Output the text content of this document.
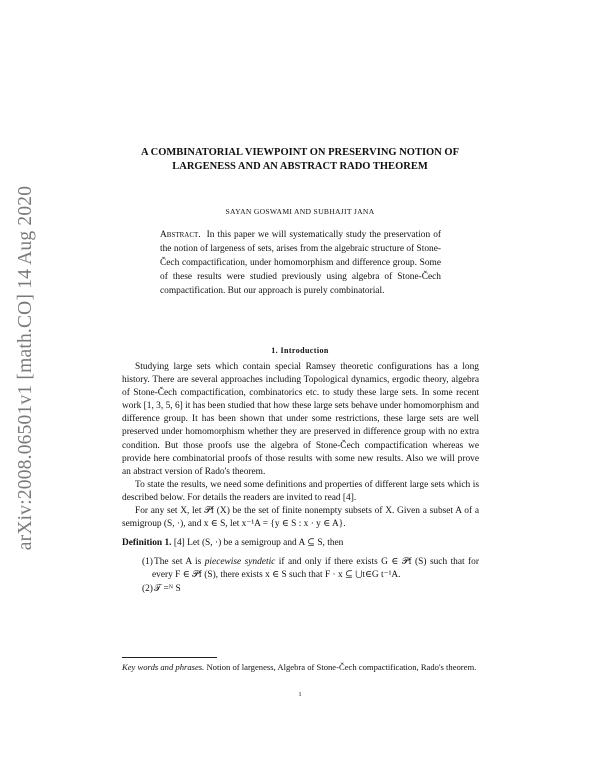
arXiv:2008.06501v1 [math.CO] 14 Aug 2020
A COMBINATORIAL VIEWPOINT ON PRESERVING NOTION OF LARGENESS AND AN ABSTRACT RADO THEOREM
SAYAN GOSWAMI AND SUBHAJIT JANA

Abstract. In this paper we will systematically study the preservation of the notion of largeness of sets, arises from the algebraic structure of Stone-Čech compactification, under homomorphism and difference group. Some of these results were studied previously using algebra of Stone-Čech compactification. But our approach is purely combinatorial.

1. Introduction

Studying large sets which contain special Ramsey theoretic configurations has a long history. There are several approaches including Topological dynamics, ergodic theory, algebra of Stone-Čech compactification, combinatorics etc. to study these large sets. In some recent work [1, 3, 5, 6] it has been studied that how these large sets behave under homomorphism and difference group. It has been shown that under some restrictions, these large sets are well preserved under homomorphism whether they are preserved in difference group with no extra condition. But those proofs use the algebra of Stone-Čech compactification whereas we provide here combinatorial proofs of those results with some new results. Also we will prove an abstract version of Rado's theorem.

To state the results, we need some definitions and properties of different large sets which is described below. For details the readers are invited to read [4].

For any set X, let 𝒫f (X) be the set of finite nonempty subsets of X. Given a subset A of a semigroup (S, ·), and x ∈ S, let x⁻¹A = {y ∈ S : x · y ∈ A}.

Definition 1. [4] Let (S, ·) be a semigroup and A ⊆ S, then

(1) The set A is piecewise syndetic if and only if there exists G ∈ 𝒫f (S) such that for every F ∈ 𝒫f (S), there exists x ∈ S such that F · x ⊆ ⋃t∈G t⁻¹A.
(2) 𝒯 =ᴺ S

Key words and phrases. Notion of largeness, Algebra of Stone-Čech compactification, Rado's theorem.

1
